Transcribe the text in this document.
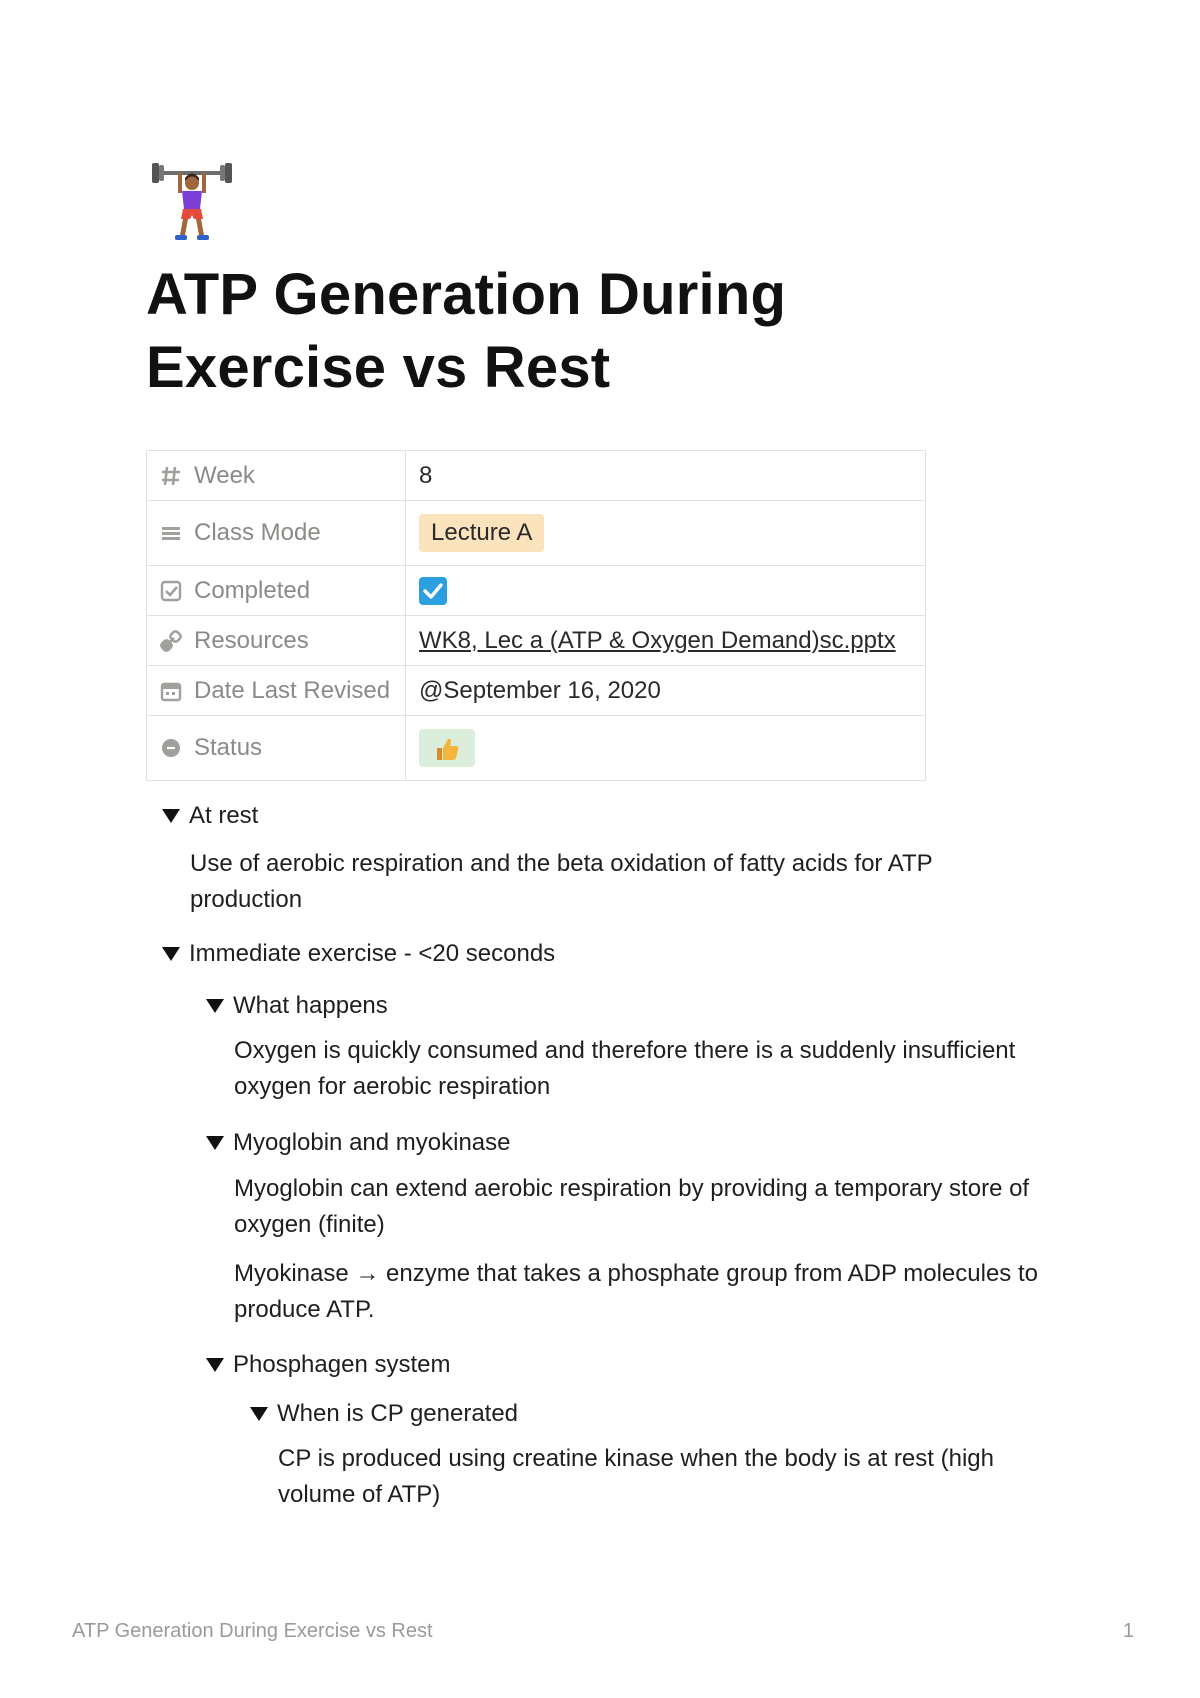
ATP Generation During
Exercise vs Rest
Week	8

Class Mode	Lecture A

Completed

Resources	WK8, Lec a (ATP & Oxygen Demand)sc.pptx

Date Last Revised	@September 16, 2020

Status

At rest

Use of aerobic respiration and the beta oxidation of fatty acids for ATP production

Immediate exercise - <20 seconds
What happens

Oxygen is quickly consumed and therefore there is a suddenly insufficient oxygen for aerobic respiration

Myoglobin and myokinase

Myoglobin can extend aerobic respiration by providing a temporary store of oxygen (finite)

Myokinase → enzyme that takes a phosphate group from ADP molecules to produce ATP.

Phosphagen system
When is CP generated

CP is produced using creatine kinase when the body is at rest (high volume of ATP)

ATP Generation During Exercise vs Rest	1
